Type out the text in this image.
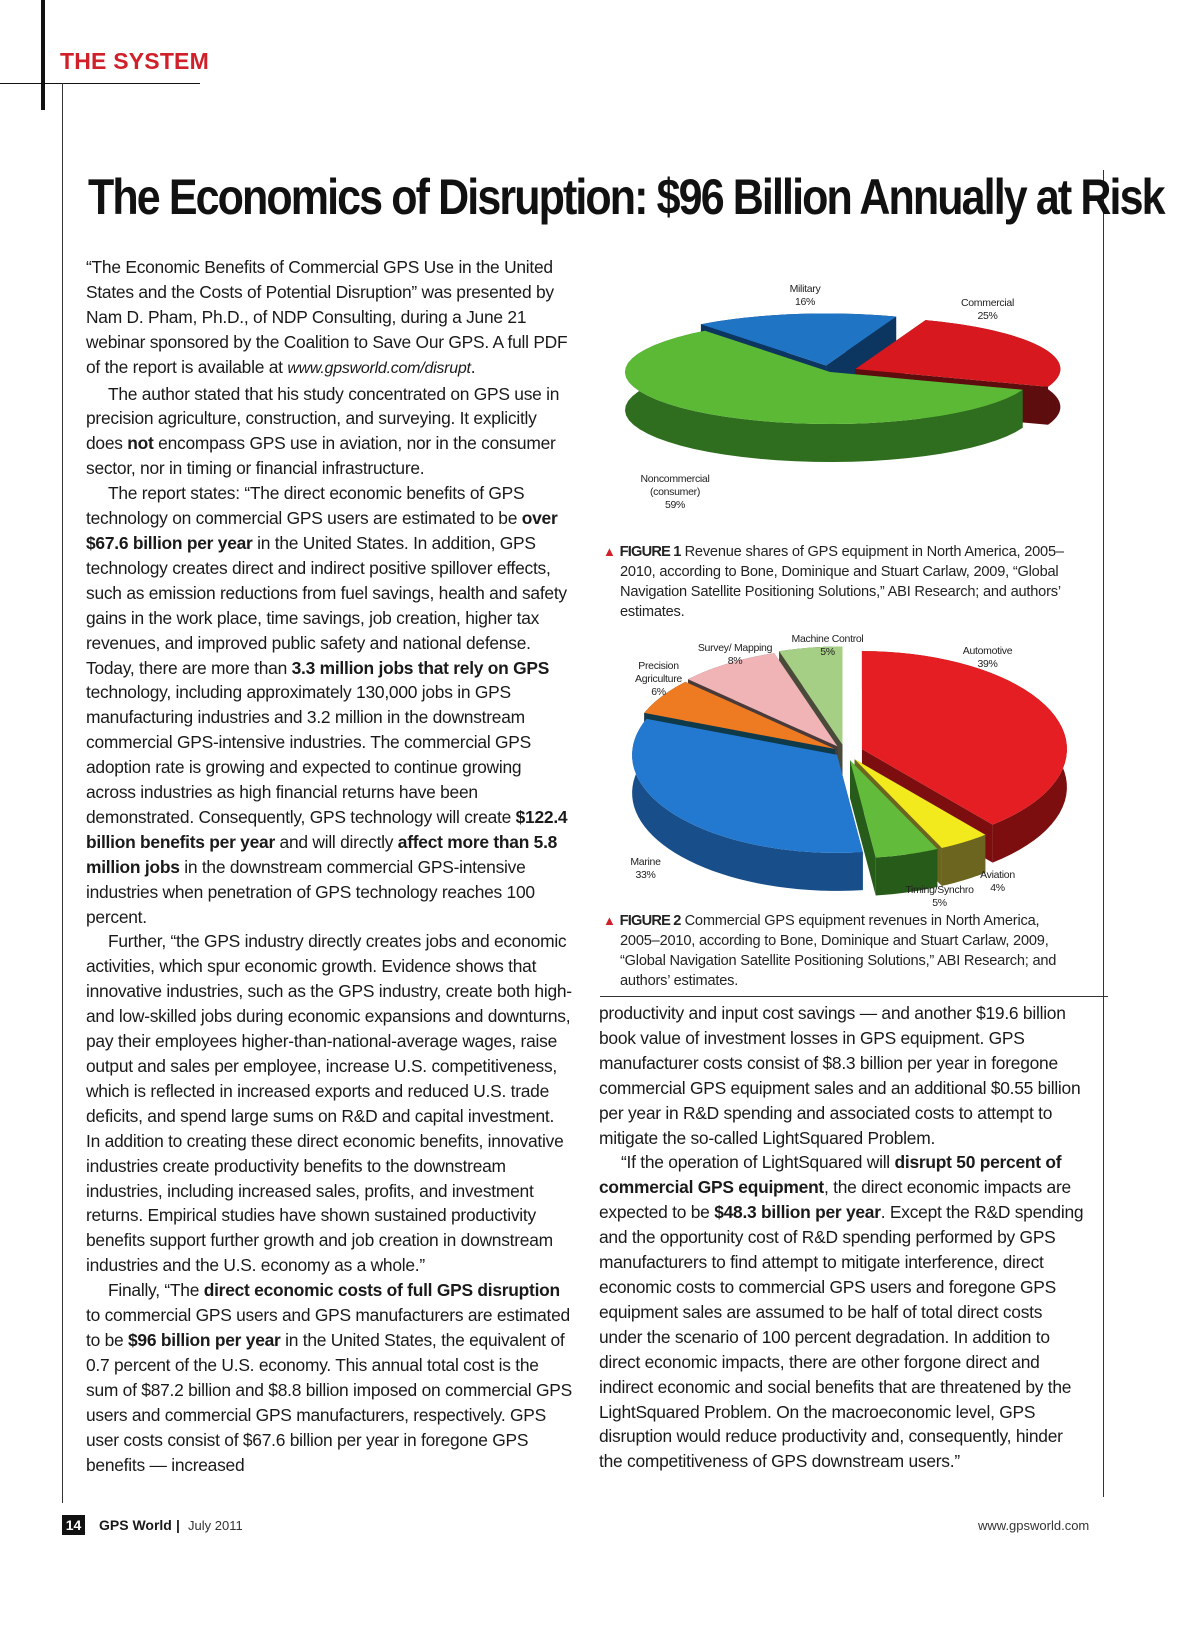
THE SYSTEM
The Economics of Disruption: $96 Billion Annually at Risk

“The Economic Benefits of Commercial GPS Use in the United States and the Costs of Potential Disruption” was presented by Nam D. Pham, Ph.D., of NDP Consulting, during a June 21 webinar sponsored by the Coalition to Save Our GPS. A full PDF of the report is available at www.gpsworld.com/disrupt.

The author stated that his study concentrated on GPS use in precision agriculture, construction, and surveying. It explicitly does not encompass GPS use in aviation, nor in the consumer sector, nor in timing or financial infrastructure.

The report states: “The direct economic benefits of GPS technology on commercial GPS users are estimated to be over $67.6 billion per year in the United States. In addition, GPS technology creates direct and indirect positive spillover effects, such as emission reductions from fuel savings, health and safety gains in the work place, time savings, job creation, higher tax revenues, and improved public safety and national defense. Today, there are more than 3.3 million jobs that rely on GPS technology, including approximately 130,000 jobs in GPS manufacturing industries and 3.2 million in the downstream commercial GPS-intensive industries. The commercial GPS adoption rate is growing and expected to continue growing across industries as high financial returns have been demonstrated. Consequently, GPS technology will create $122.4 billion benefits per year and will directly affect more than 5.8 million jobs in the downstream commercial GPS-intensive industries when penetration of GPS technology reaches 100 percent.

Further, “the GPS industry directly creates jobs and economic activities, which spur economic growth. Evidence shows that innovative industries, such as the GPS industry, create both high- and low-skilled jobs during economic expansions and downturns, pay their employees higher-than-national-average wages, raise output and sales per employee, increase U.S. competitiveness, which is reflected in increased exports and reduced U.S. trade deficits, and spend large sums on R&D and capital investment. In addition to creating these direct economic benefits, innovative industries create productivity benefits to the downstream industries, including increased sales, profits, and investment returns. Empirical studies have shown sustained productivity benefits support further growth and job creation in downstream industries and the U.S. economy as a whole.”

Finally, “The direct economic costs of full GPS disruption to commercial GPS users and GPS manufacturers are estimated to be $96 billion per year in the United States, the equivalent of 0.7 percent of the U.S. economy. This annual total cost is the sum of $87.2 billion and $8.8 billion imposed on commercial GPS users and commercial GPS manufacturers, respectively. GPS user costs consist of $67.6 billion per year in foregone GPS benefits — increased

productivity and input cost savings — and another $19.6 billion book value of investment losses in GPS equipment. GPS manufacturer costs consist of $8.3 billion per year in foregone commercial GPS equipment sales and an additional $0.55 billion per year in R&D spending and associated costs to attempt to mitigate the so-called LightSquared Problem.

“If the operation of LightSquared will disrupt 50 percent of commercial GPS equipment, the direct economic impacts are expected to be $48.3 billion per year. Except the R&D spending and the opportunity cost of R&D spending performed by GPS manufacturers to find attempt to mitigate interference, direct economic costs to commercial GPS users and foregone GPS equipment sales are assumed to be half of total direct costs under the scenario of 100 percent degradation. In addition to direct economic impacts, there are other forgone direct and indirect economic and social benefits that are threatened by the LightSquared Problem. On the macroeconomic level, GPS disruption would reduce productivity and, consequently, hinder the competitiveness of GPS downstream users.”

Military
16%	Commercial
25%
Noncommercial
(consumer)
59%
▲ FIGURE 1 Revenue shares of GPS equipment in North America, 2005–2010, according to Bone, Dominique and Stuart Carlaw, 2009, “Global Navigation Satellite Positioning Solutions,” ABI Research; and authors’ estimates.
Survey/ Mapping
8%
Machine Control
5%	Automotive
39%
Precision
Agriculture
6%
Marine
33%	Aviation
4%
Timing/Synchro
5%
▲ FIGURE 2 Commercial GPS equipment revenues in North America, 2005–2010, according to Bone, Dominique and Stuart Carlaw, 2009, “Global Navigation Satellite Positioning Solutions,” ABI Research; and authors’ estimates.
14 GPS World | July 2011	www.gpsworld.com
